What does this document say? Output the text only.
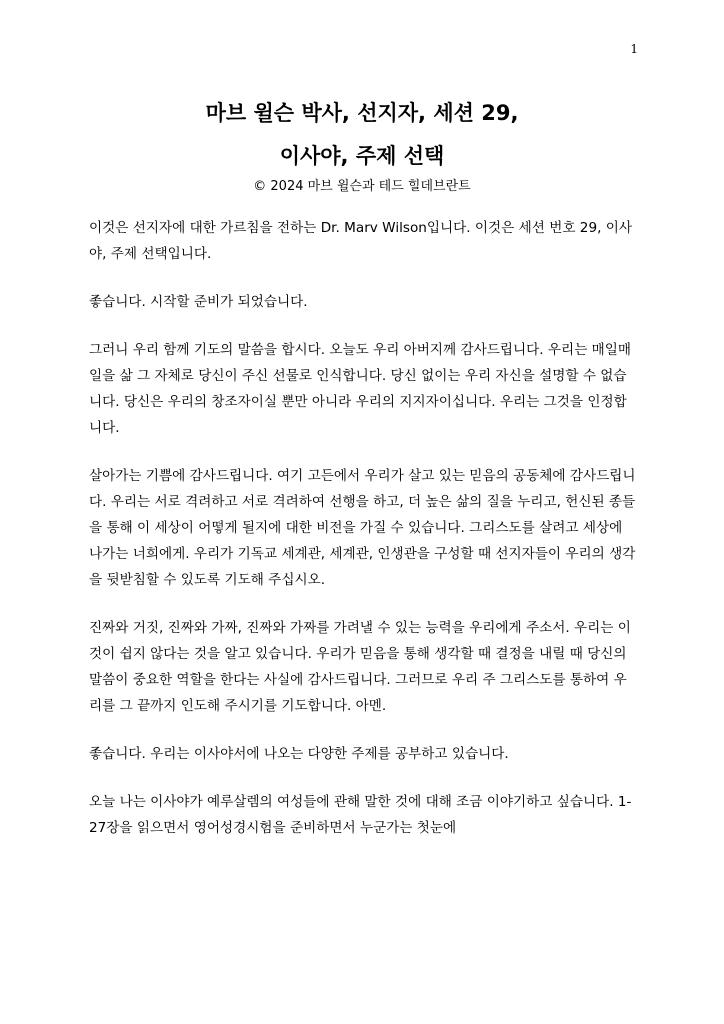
1
마브 윌슨 박사, 선지자, 세션 29,
이사야, 주제 선택
© 2024 마브 윌슨과 테드 힐데브란트

이것은 선지자에 대한 가르침을 전하는 Dr. Marv Wilson입니다. 이것은 세션 번호 29, 이사야, 주제 선택입니다.

좋습니다. 시작할 준비가 되었습니다.

그러니 우리 함께 기도의 말씀을 합시다. 오늘도 우리 아버지께 감사드립니다. 우리는 매일매일을 삶 그 자체로 당신이 주신 선물로 인식합니다. 당신 없이는 우리 자신을 설명할 수 없습니다. 당신은 우리의 창조자이실 뿐만 아니라 우리의 지지자이십니다. 우리는 그것을 인정합니다.

살아가는 기쁨에 감사드립니다. 여기 고든에서 우리가 살고 있는 믿음의 공동체에 감사드립니다. 우리는 서로 격려하고 서로 격려하여 선행을 하고, 더 높은 삶의 질을 누리고, 헌신된 종들을 통해 이 세상이 어떻게 될지에 대한 비전을 가질 수 있습니다. 그리스도를 살려고 세상에 나가는 너희에게. 우리가 기독교 세계관, 세계관, 인생관을 구성할 때 선지자들이 우리의 생각을 뒷받침할 수 있도록 기도해 주십시오.

진짜와 거짓, 진짜와 가짜, 진짜와 가짜를 가려낼 수 있는 능력을 우리에게 주소서. 우리는 이것이 쉽지 않다는 것을 알고 있습니다. 우리가 믿음을 통해 생각할 때 결정을 내릴 때 당신의 말씀이 중요한 역할을 한다는 사실에 감사드립니다. 그러므로 우리 주 그리스도를 통하여 우리를 그 끝까지 인도해 주시기를 기도합니다. 아멘.

좋습니다. 우리는 이사야서에 나오는 다양한 주제를 공부하고 있습니다.

오늘 나는 이사야가 예루살렘의 여성들에 관해 말한 것에 대해 조금 이야기하고 싶습니다. 1-27장을 읽으면서 영어성경시험을 준비하면서 누군가는 첫눈에
